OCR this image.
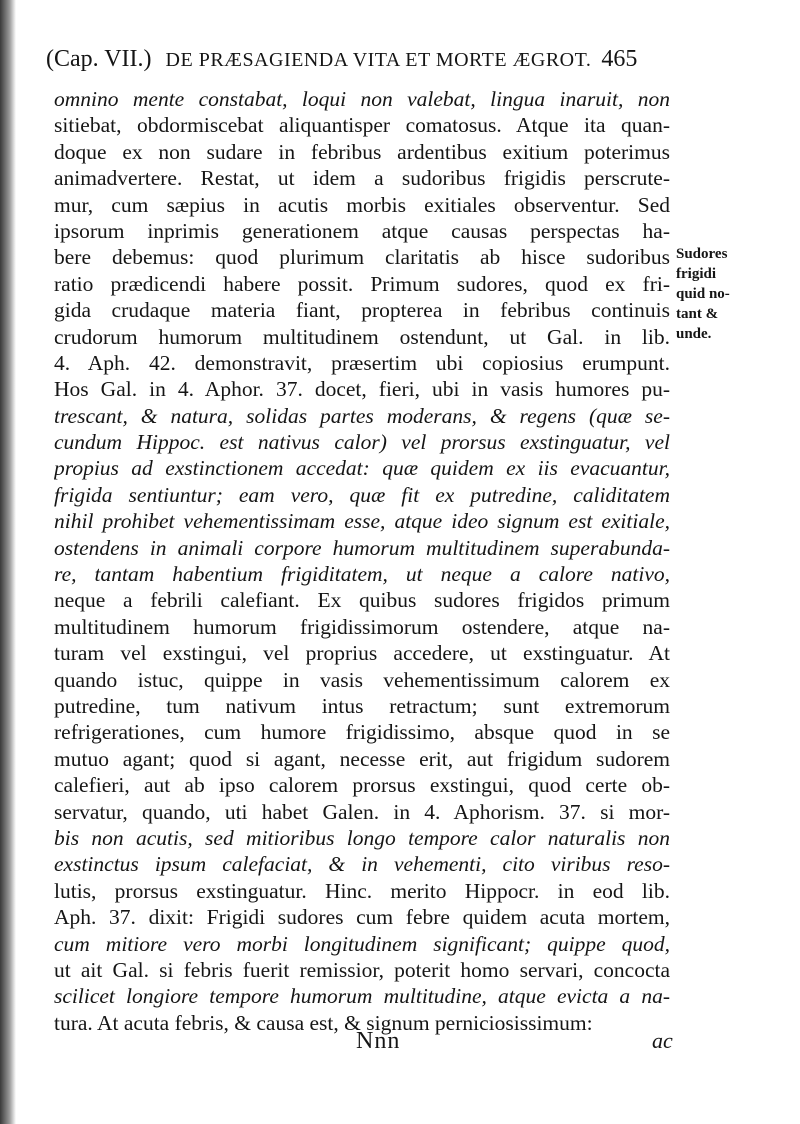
(Cap. VII.) DE PRÆSAGIENDA VITA ET MORTE ÆGROT. 465
omnino mente constabat, loqui non valebat, lingua inaruit, non
sitiebat, obdormiscebat aliquantisper comatosus. Atque ita quan-
doque ex non sudare in febribus ardentibus exitium poterimus
animadvertere. Restat, ut idem a sudoribus frigidis perscrute-
mur, cum sæpius in acutis morbis exitiales observentur. Sed
ipsorum inprimis generationem atque causas perspectas ha-
bere debemus: quod plurimum claritatis ab hisce sudoribus
ratio prædicendi habere possit. Primum sudores, quod ex fri-
gida crudaque materia fiant, propterea in febribus continuis
crudorum humorum multitudinem ostendunt, ut Gal. in lib.
4. Aph. 42. demonstravit, præsertim ubi copiosius erumpunt.
Hos Gal. in 4. Aphor. 37. docet, fieri, ubi in vasis humores pu-
trescant, & natura, solidas partes moderans, & regens (quæ se-
cundum Hippoc. est nativus calor) vel prorsus exstinguatur, vel
propius ad exstinctionem accedat: quæ quidem ex iis evacuantur,
frigida sentiuntur; eam vero, quæ fit ex putredine, caliditatem
nihil prohibet vehementissimam esse, atque ideo signum est exitiale,
ostendens in animali corpore humorum multitudinem superabunda-
re, tantam habentium frigiditatem, ut neque a calore nativo,
neque a febrili calefiant. Ex quibus sudores frigidos primum
multitudinem humorum frigidissimorum ostendere, atque na-
turam vel exstingui, vel proprius accedere, ut exstinguatur. At
quando istuc, quippe in vasis vehementissimum calorem ex
putredine, tum nativum intus retractum; sunt extremorum
refrigerationes, cum humore frigidissimo, absque quod in se
mutuo agant; quod si agant, necesse erit, aut frigidum sudorem
calefieri, aut ab ipso calorem prorsus exstingui, quod certe ob-
servatur, quando, uti habet Galen. in 4. Aphorism. 37. si mor-
bis non acutis, sed mitioribus longo tempore calor naturalis non
exstinctus ipsum calefaciat, & in vehementi, cito viribus reso-
lutis, prorsus exstinguatur. Hinc. merito Hippocr. in eod lib.
Aph. 37. dixit: Frigidi sudores cum febre quidem acuta mortem,
cum mitiore vero morbi longitudinem significant; quippe quod,
ut ait Gal. si febris fuerit remissior, poterit homo servari, concocta
scilicet longiore tempore humorum multitudine, atque evicta a na-
tura. At acuta febris, & causa est, & signum perniciosissimum:
Sudores
frigidi
quid no-
tant &
unde.
Nnn	ac
